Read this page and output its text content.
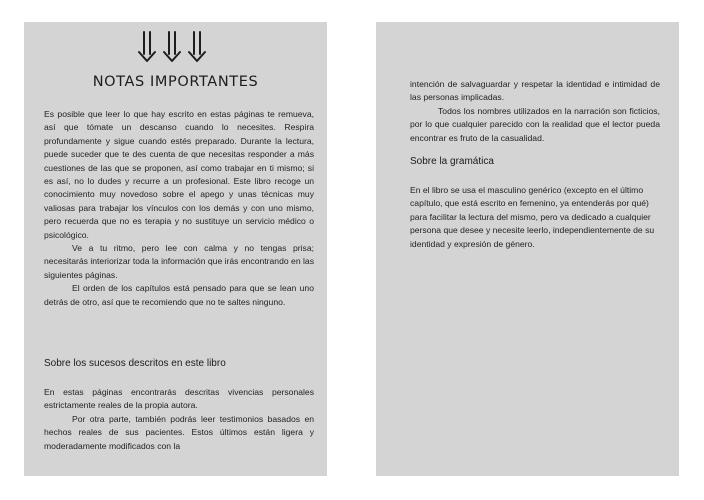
NOTAS IMPORTANTES

Es posible que leer lo que hay escrito en estas páginas te remueva, así que tómate un descanso cuando lo necesites. Respira profundamente y sigue cuando estés preparado. Durante la lectura, puede suceder que te des cuenta de que necesitas responder a más cuestiones de las que se proponen, así como trabajar en ti mismo; si es así, no lo dudes y recurre a un profesional. Este libro recoge un conocimiento muy novedoso sobre el apego y unas técnicas muy valiosas para trabajar los vínculos con los demás y con uno mismo, pero recuerda que no es terapia y no sustituye un servicio médico o psicológico.

Ve a tu ritmo, pero lee con calma y no tengas prisa; necesitarás interiorizar toda la información que irás encontrando en las siguientes páginas.

El orden de los capítulos está pensado para que se lean uno detrás de otro, así que te recomiendo que no te saltes ninguno.

Sobre los sucesos descritos en este libro

En estas páginas encontrarás descritas vivencias personales estrictamente reales de la propia autora.

Por otra parte, también podrás leer testimonios basados en hechos reales de sus pacientes. Estos últimos están ligera y moderadamente modificados con la

intención de salvaguardar y respetar la identidad e intimidad de las personas implicadas.

Todos los nombres utilizados en la narración son ficticios, por lo que cualquier parecido con la realidad que el lector pueda encontrar es fruto de la casualidad.

Sobre la gramática

En el libro se usa el masculino genérico (excepto en el último capítulo, que está escrito en femenino, ya entenderás por qué) para facilitar la lectura del mismo, pero va dedicado a cualquier persona que desee y necesite leerlo, independientemente de su identidad y expresión de género.
